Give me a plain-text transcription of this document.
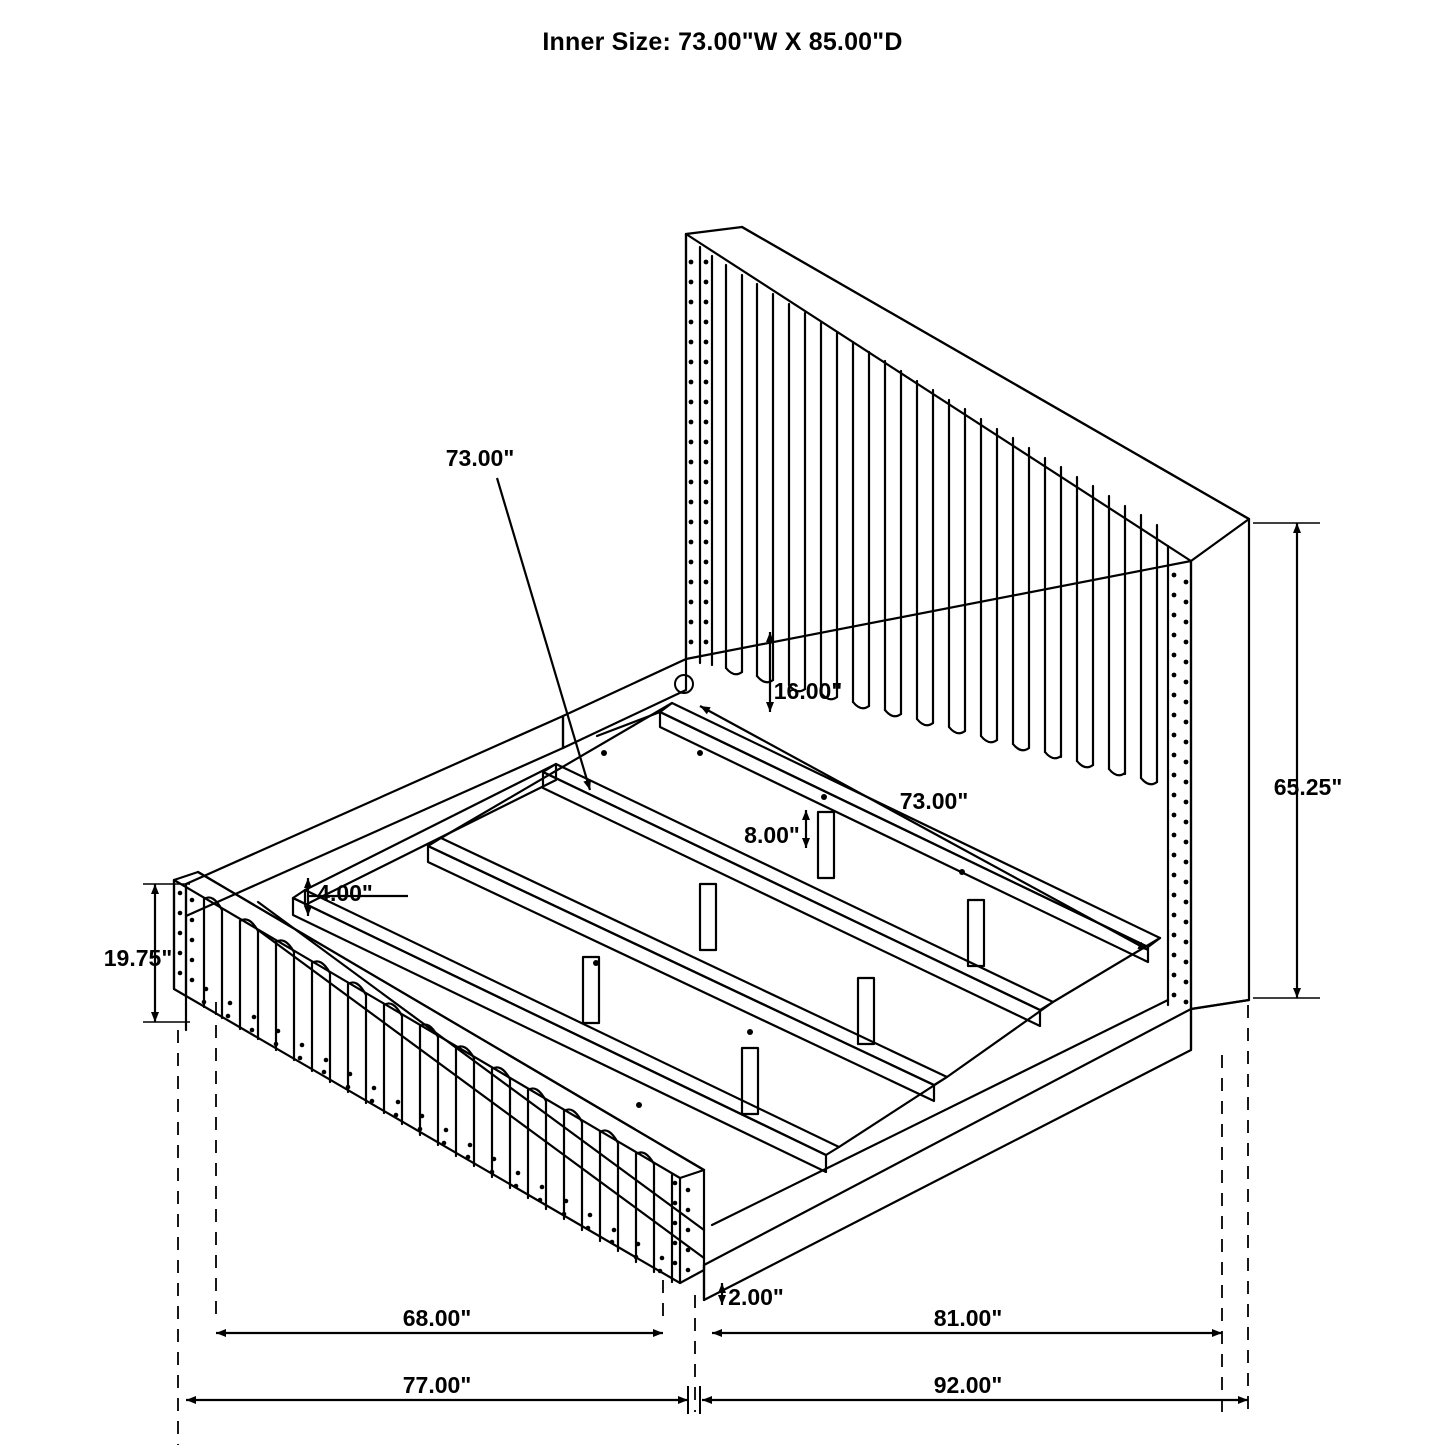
Inner Size: 73.00"W X 85.00"D
73.00"
16.00"
73.00"
8.00"
4.00"
65.25"
19.75"
2.00"
68.00"	81.00"
77.00"	92.00"
